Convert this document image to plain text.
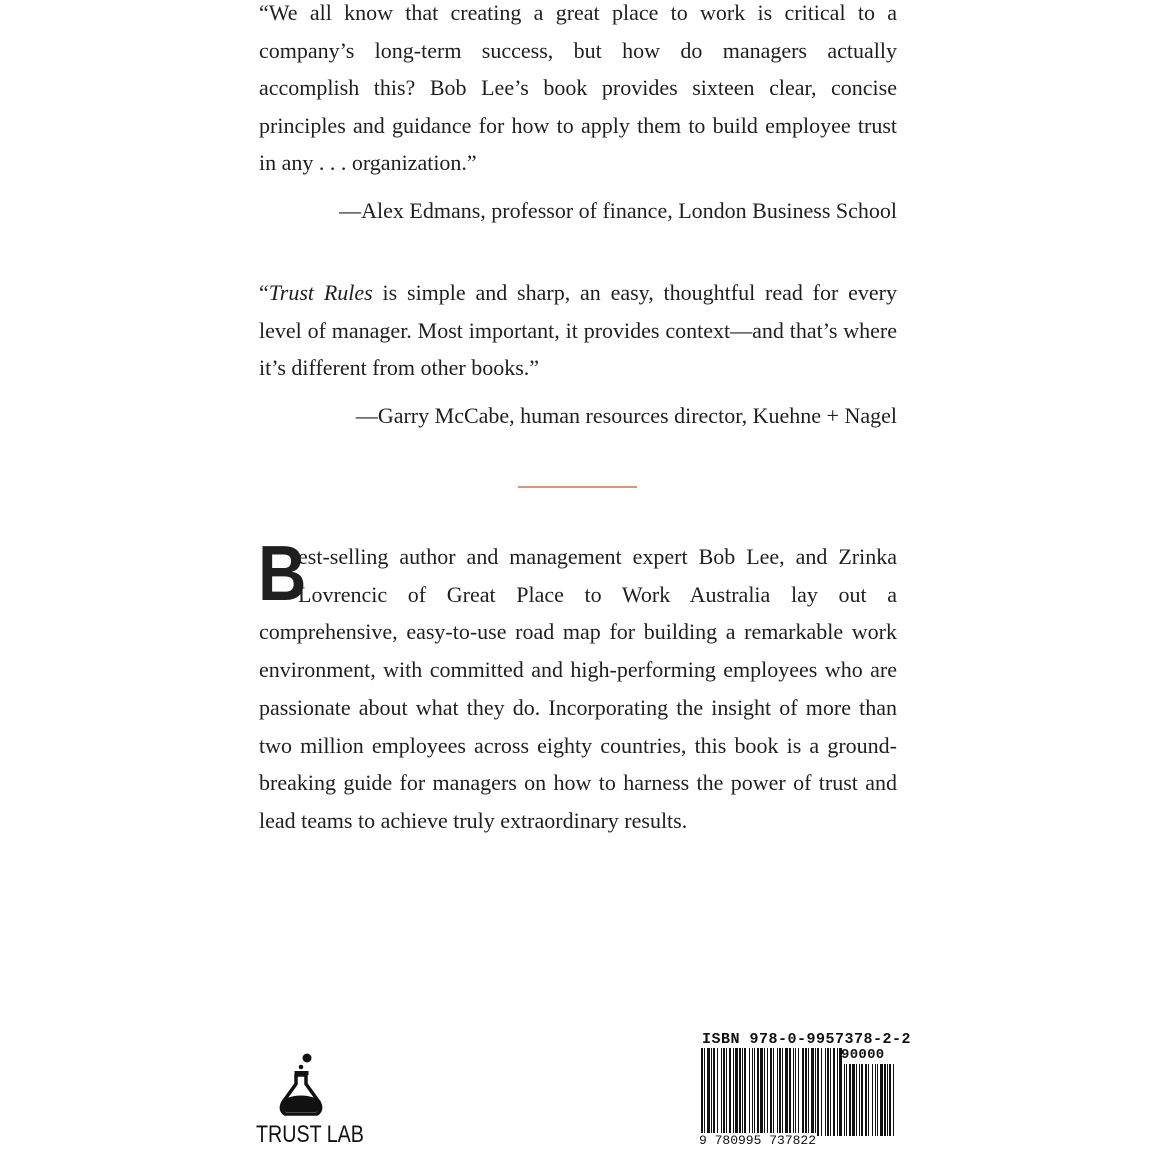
“We all know that creating a great place to work is critical to a company’s long-term success, but how do managers actually accomplish this? Bob Lee’s book provides sixteen clear, concise principles and guidance for how to apply them to build employee trust in any . . . organization.”

—Alex Edmans, professor of finance, London Business School

“Trust Rules is simple and sharp, an easy, thoughtful read for every level of manager. Most important, it provides context—and that’s where it’s different from other books.”

—Garry McCabe, human resources director, Kuehne + Nagel

B
est-selling author and management expert Bob Lee, and Zrinka Lovrencic of Great Place to Work Australia lay out a comprehensive, easy-to-use road map for building a remarkable work environment, with committed and high-performing employees who are passionate about what they do. Incorporating the insight of more than two million employees across eighty countries, this book is a ground-breaking guide for managers on how to harness the power of trust and lead teams to achieve truly extraordinary results.

TRUST LAB
ISBN 978-0-9957378-2-2
90000
9 780995 737822
